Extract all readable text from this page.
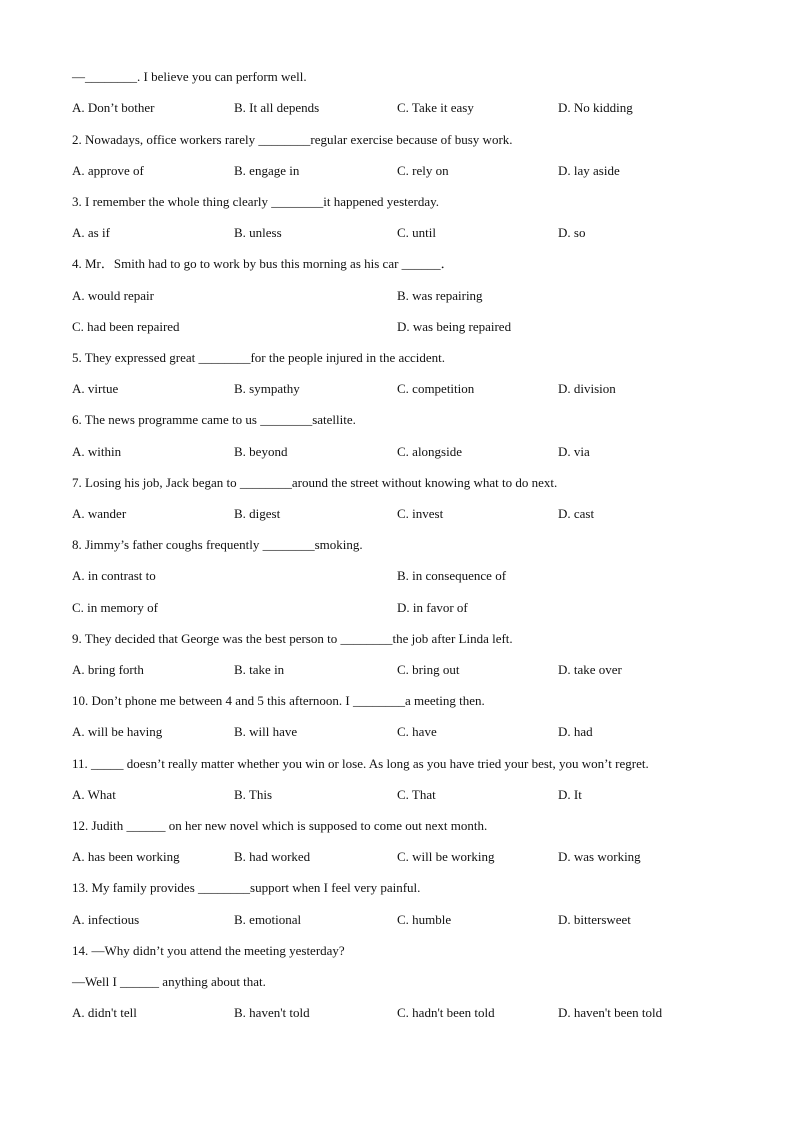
—________. I believe you can perform well.
2. Nowadays, office workers rarely ________regular exercise because of busy work.
3. I remember the whole thing clearly ________it happened yesterday.
4. Mr．Smith had to go to work by bus this morning as his car ______．
5. They expressed great ________for the people injured in the accident.
6. The news programme came to us ________satellite.
7. Losing his job, Jack began to ________around the street without knowing what to do next.
8. Jimmy’s father coughs frequently ________smoking.
9. They decided that George was the best person to ________the job after Linda left.
10. Don’t phone me between 4 and 5 this afternoon. I ________a meeting then.
11. _____ doesn’t really matter whether you win or lose. As long as you have tried your best, you won’t regret.
12. Judith ______ on her new novel which is supposed to come out next month.
13. My family provides ________support when I feel very painful.
14. —Why didn’t you attend the meeting yesterday?
—Well I ______ anything about that.
A. Don’t bother	B. It all depends	C. Take it easy	D. No kidding
A. approve of	B. engage in	C. rely on	D. lay aside
A. as if	B. unless	C. until	D. so
A. would repair	B. was repairing
C. had been repaired	D. was being repaired
A. virtue	B. sympathy	C. competition	D. division
A. within	B. beyond	C. alongside	D. via
A. wander	B. digest	C. invest	D. cast
A. in contrast to	B. in consequence of
C. in memory of	D. in favor of
A. bring forth	B. take in	C. bring out	D. take over
A. will be having	B. will have	C. have	D. had
A. What	B. This	C. That	D. It
A. has been working	B. had worked	C. will be working	D. was working
A. infectious	B. emotional	C. humble	D. bittersweet
A. didn't tell	B. haven't told	C. hadn't been told	D. haven't been told
